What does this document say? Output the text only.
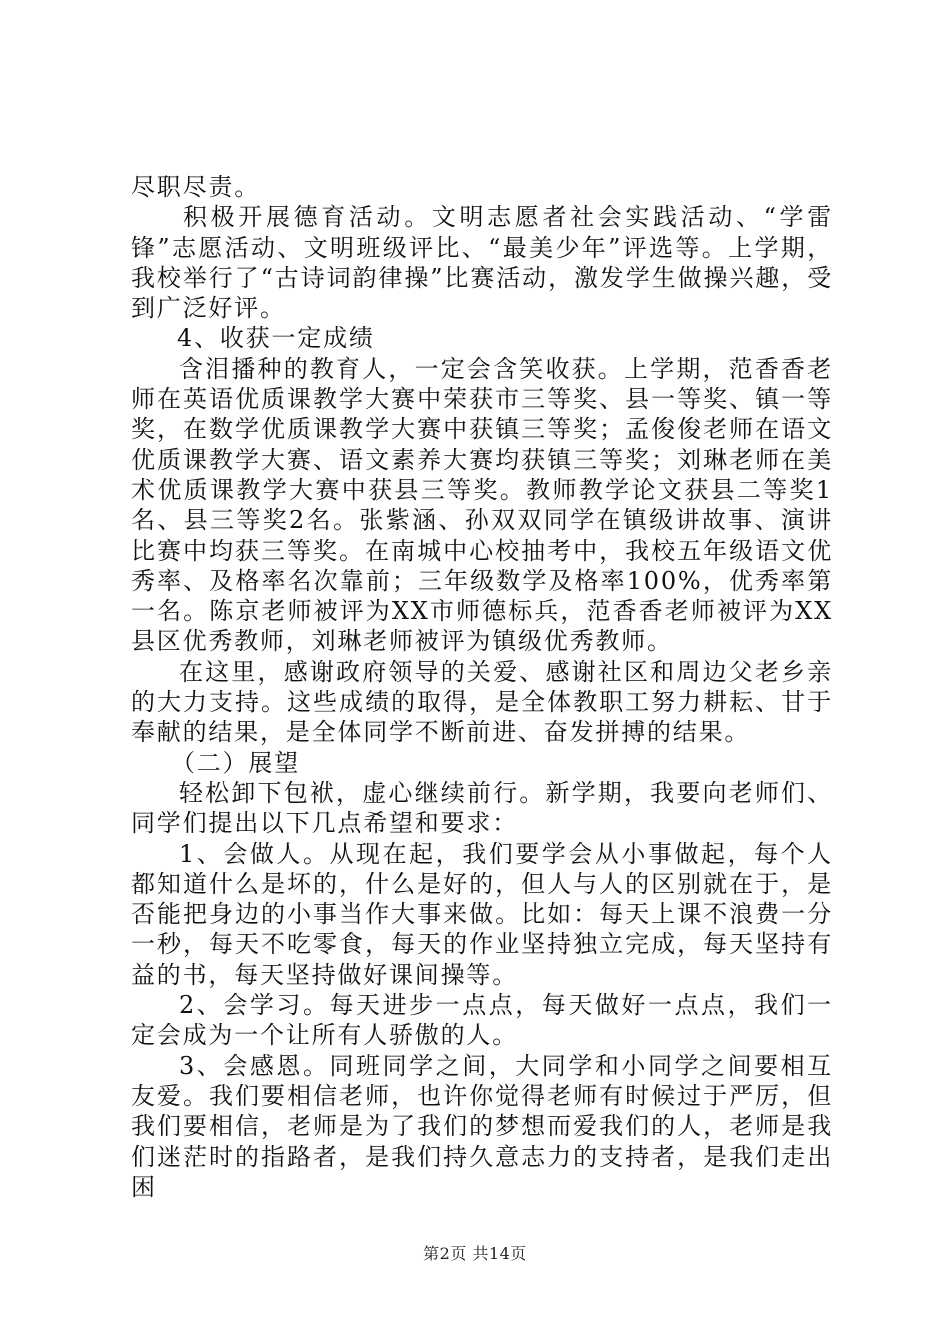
尽职尽责。

积极开展德育活动。文明志愿者社会实践活动、“学雷锋”志愿活动、文明班级评比、“最美少年”评选等。上学期，我校举行了“古诗词韵律操”比赛活动，激发学生做操兴趣，受到广泛好评。

4、收获一定成绩

含泪播种的教育人，一定会含笑收获。上学期，范香香老师在英语优质课教学大赛中荣获市三等奖、县一等奖、镇一等奖，在数学优质课教学大赛中获镇三等奖；孟俊俊老师在语文优质课教学大赛、语文素养大赛均获镇三等奖；刘琳老师在美术优质课教学大赛中获县三等奖。教师教学论文获县二等奖1名、县三等奖2名。张紫涵、孙双双同学在镇级讲故事、演讲比赛中均获三等奖。在南城中心校抽考中，我校五年级语文优秀率、及格率名次靠前；三年级数学及格率100%，优秀率第一名。陈京老师被评为XX市师德标兵，范香香老师被评为XX县区优秀教师，刘琳老师被评为镇级优秀教师。

在这里，感谢政府领导的关爱、感谢社区和周边父老乡亲的大力支持。这些成绩的取得，是全体教职工努力耕耘、甘于奉献的结果，是全体同学不断前进、奋发拼搏的结果。

（二）展望

轻松卸下包袱，虚心继续前行。新学期，我要向老师们、同学们提出以下几点希望和要求：

1、会做人。从现在起，我们要学会从小事做起，每个人都知道什么是坏的，什么是好的，但人与人的区别就在于，是否能把身边的小事当作大事来做。比如：每天上课不浪费一分一秒，每天不吃零食，每天的作业坚持独立完成，每天坚持有益的书，每天坚持做好课间操等。

2、会学习。每天进步一点点，每天做好一点点，我们一定会成为一个让所有人骄傲的人。

3、会感恩。同班同学之间，大同学和小同学之间要相互友爱。我们要相信老师，也许你觉得老师有时候过于严厉，但我们要相信，老师是为了我们的梦想而爱我们的人，老师是我们迷茫时的指路者，是我们持久意志力的支持者，是我们走出困

第2页 共14页
